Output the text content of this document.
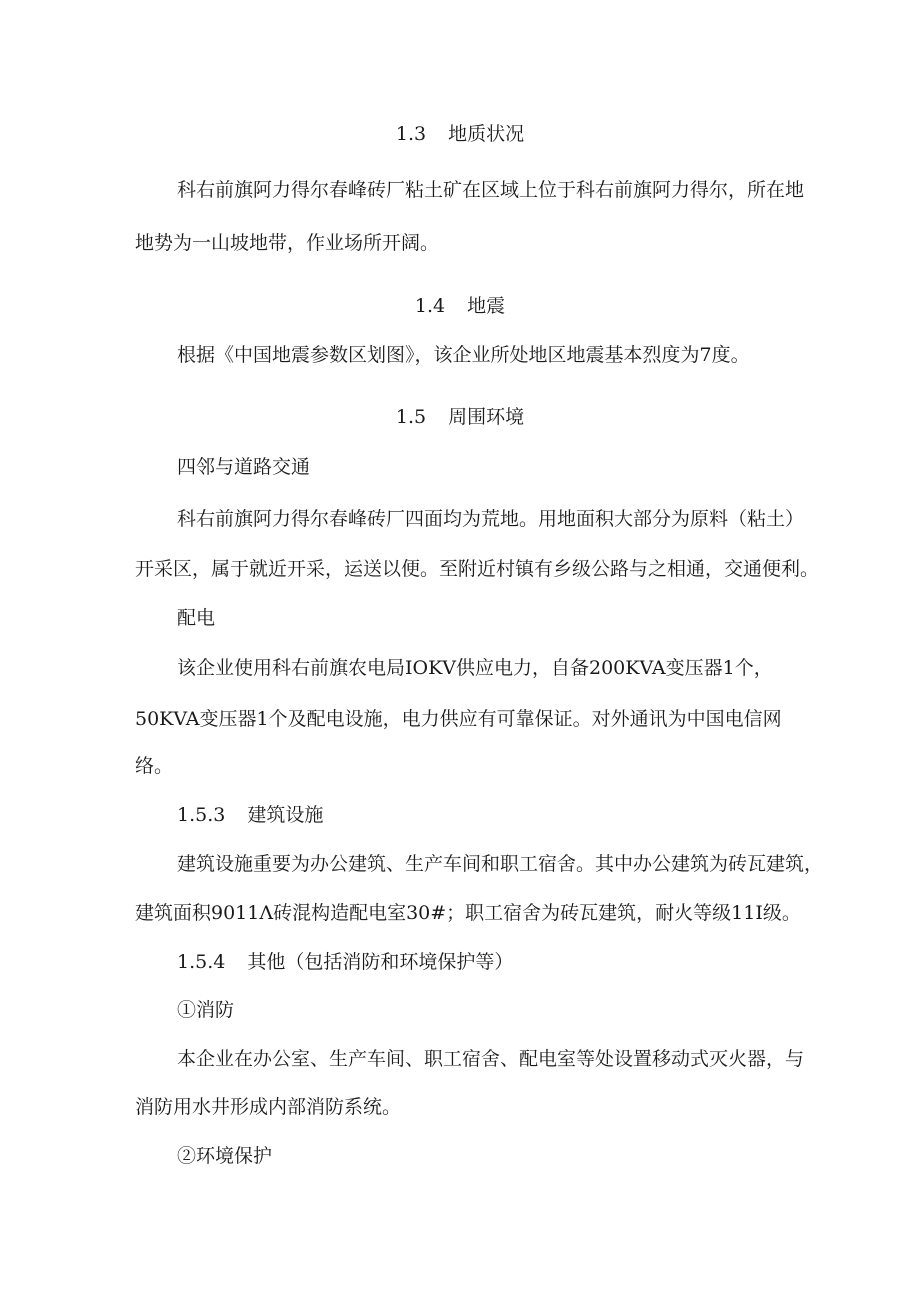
1.3 地质状况
科右前旗阿力得尔春峰砖厂粘土矿在区域上位于科右前旗阿力得尔，所在地
地势为一山坡地带，作业场所开阔。
1.4 地震
根据《中国地震参数区划图》，该企业所处地区地震基本烈度为7度。
1.5 周围环境
四邻与道路交通
科右前旗阿力得尔春峰砖厂四面均为荒地。用地面积大部分为原料（粘土）
开采区，属于就近开采，运送以便。至附近村镇有乡级公路与之相通，交通便利。
配电
该企业使用科右前旗农电局IOKV供应电力，自备200KVA变压器1个，
50KVA变压器1个及配电设施，电力供应有可靠保证。对外通讯为中国电信网
络。
1.5.3 建筑设施
建筑设施重要为办公建筑、生产车间和职工宿舍。其中办公建筑为砖瓦建筑，
建筑面积9011Λ砖混构造配电室30#；职工宿舍为砖瓦建筑，耐火等级11I级。
1.5.4 其他（包括消防和环境保护等）
①消防
本企业在办公室、生产车间、职工宿舍、配电室等处设置移动式灭火器，与
消防用水井形成内部消防系统。
②环境保护
